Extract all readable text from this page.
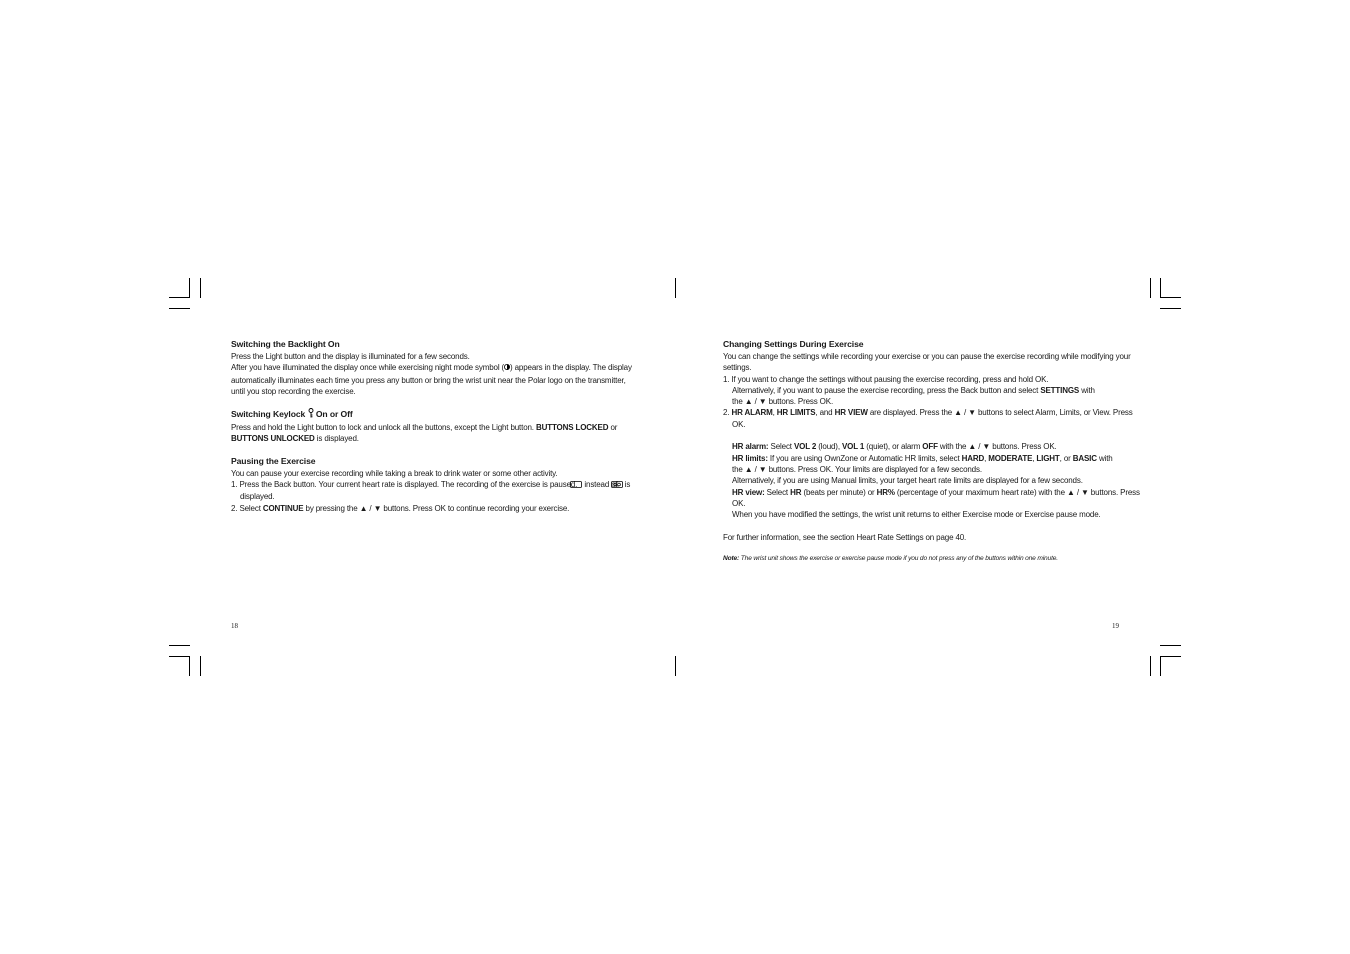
Switching the Backlight On

Press the Light button and the display is illuminated for a few seconds.

After you have illuminated the display once while exercising night mode symbol ( ) appears in the display. The display automatically illuminates each time you press any button or bring the wrist unit near the Polar logo on the transmitter, until you stop recording the exercise.

Switching Keylock On or Off

Press and hold the Light button to lock and unlock all the buttons, except the Light button. BUTTONS LOCKED or BUTTONS UNLOCKED is displayed.

Pausing the Exercise

You can pause your exercise recording while taking a break to drink water or some other activity.

1. Press the Back button. Your current heart rate is displayed. The recording of the exercise is paused. instead of is displayed.

2. Select CONTINUE by pressing the ▲ / ▼ buttons. Press OK to continue recording your exercise.

18
Changing Settings During Exercise

You can change the settings while recording your exercise or you can pause the exercise recording while modifying your settings.

1. If you want to change the settings without pausing the exercise recording, press and hold OK.

Alternatively, if you want to pause the exercise recording, press the Back button and select SETTINGS with

the ▲ / ▼ buttons. Press OK.

2. HR ALARM, HR LIMITS, and HR VIEW are displayed. Press the ▲ / ▼ buttons to select Alarm, Limits, or View. Press OK.

HR alarm: Select VOL 2 (loud), VOL 1 (quiet), or alarm OFF with the ▲ / ▼ buttons. Press OK.

HR limits: If you are using OwnZone or Automatic HR limits, select HARD, MODERATE, LIGHT, or BASIC with

the ▲ / ▼ buttons. Press OK. Your limits are displayed for a few seconds.

Alternatively, if you are using Manual limits, your target heart rate limits are displayed for a few seconds.

HR view: Select HR (beats per minute) or HR% (percentage of your maximum heart rate) with the ▲ / ▼ buttons. Press OK.

When you have modified the settings, the wrist unit returns to either Exercise mode or Exercise pause mode.

For further information, see the section Heart Rate Settings on page 40.

Note: The wrist unit shows the exercise or exercise pause mode if you do not press any of the buttons within one minute.

19
